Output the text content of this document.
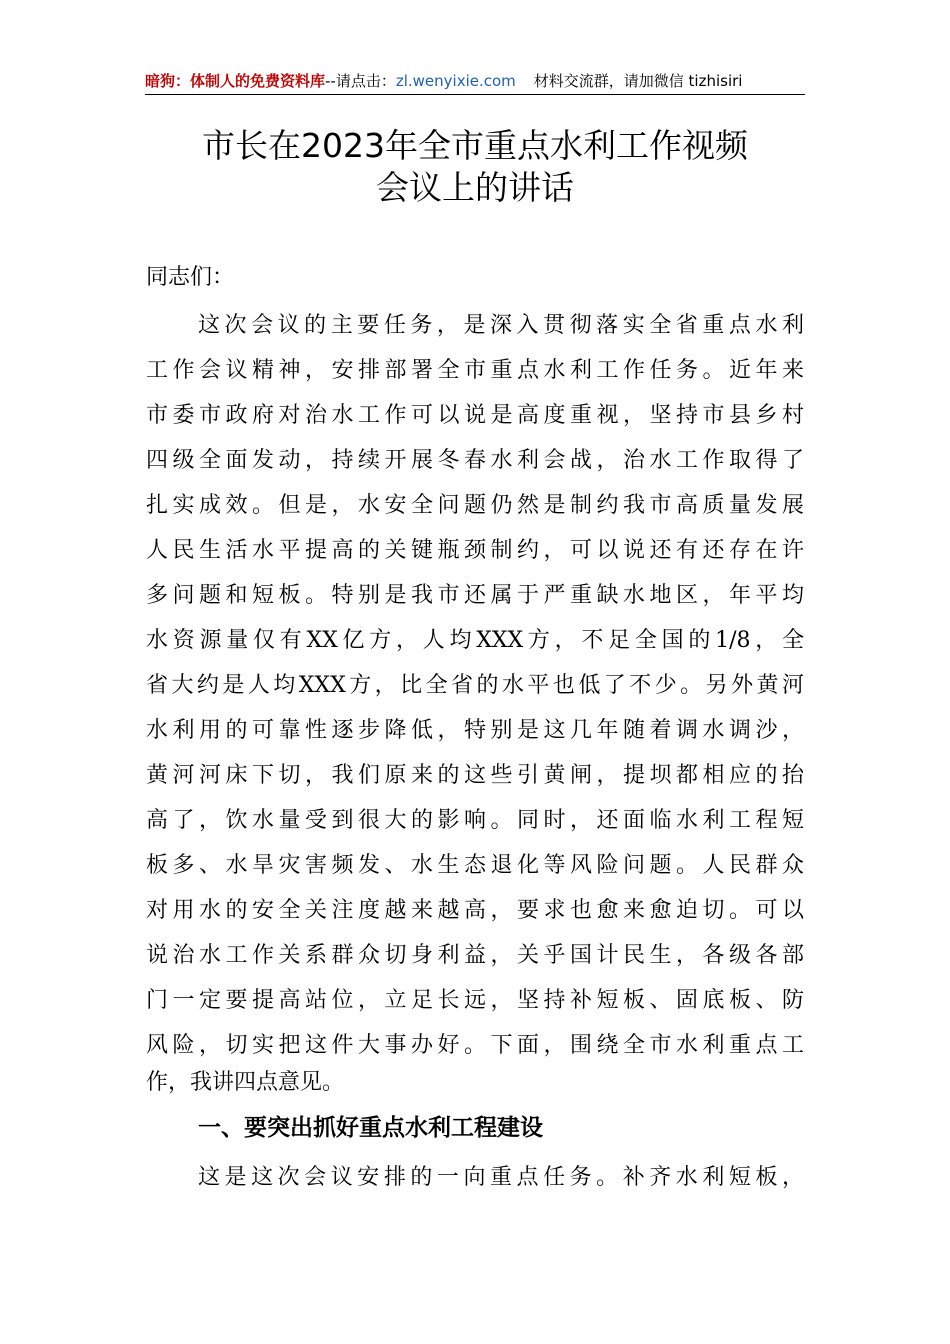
暗狗：体制人的免费资料库--请点击：zl.wenyixie.com 材料交流群，请加微信 tizhisiri
市长在2023年全市重点水利工作视频
会议上的讲话
同志们：
这次会议的主要任务，是深入贯彻落实全省重点水利
工作会议精神，安排部署全市重点水利工作任务。近年来
市委市政府对治水工作可以说是高度重视，坚持市县乡村
四级全面发动，持续开展冬春水利会战，治水工作取得了
扎实成效。但是，水安全问题仍然是制约我市高质量发展
人民生活水平提高的关键瓶颈制约，可以说还有还存在许
多问题和短板。特别是我市还属于严重缺水地区，年平均
水资源量仅有XX亿方，人均XXX方，不足全国的1/8，全
省大约是人均XXX方，比全省的水平也低了不少。另外黄河
水利用的可靠性逐步降低，特别是这几年随着调水调沙，
黄河河床下切，我们原来的这些引黄闸，提坝都相应的抬
高了，饮水量受到很大的影响。同时，还面临水利工程短
板多、水旱灾害频发、水生态退化等风险问题。人民群众
对用水的安全关注度越来越高，要求也愈来愈迫切。可以
说治水工作关系群众切身利益，关乎国计民生，各级各部
门一定要提高站位，立足长远，坚持补短板、固底板、防
风险，切实把这件大事办好。下面，围绕全市水利重点工
作，我讲四点意见。
一、要突出抓好重点水利工程建设
这是这次会议安排的一向重点任务。补齐水利短板，
